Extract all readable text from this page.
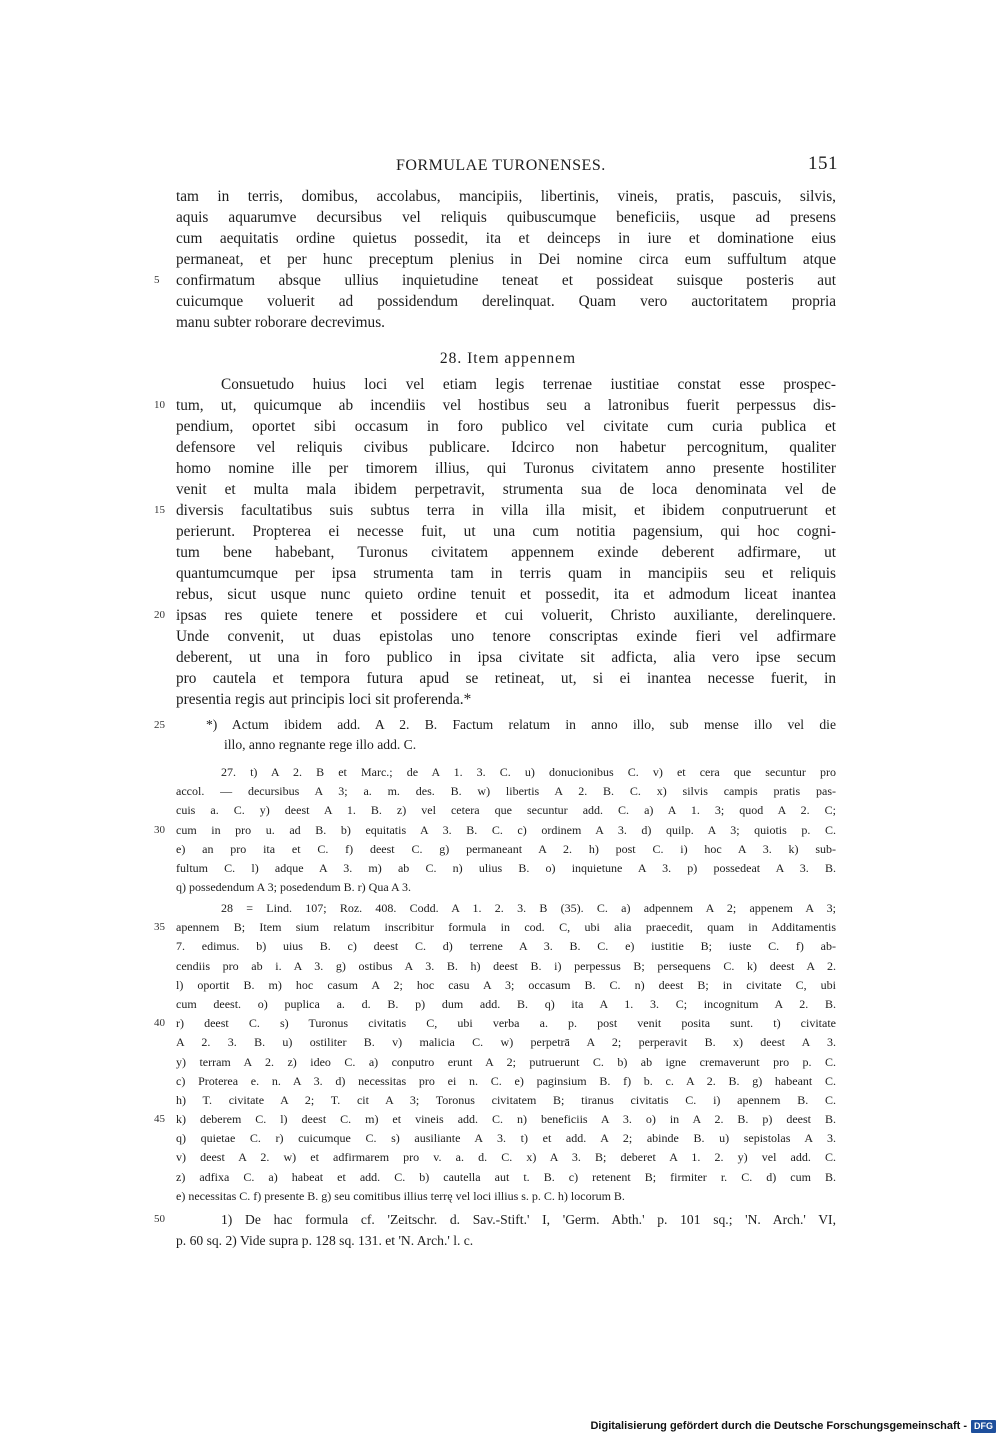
FORMULAE TURONENSES.	151
tam in terris, domibus, accolabus, mancipiis, libertinis, vineis, pratis, pascuis, silvis,
aquis aquarumve decursibus vel reliquis quibuscumque beneficiis, usque ad presens
cum aequitatis ordine quietus possedit, ita et deinceps in iure et dominatione eius
permaneat, et per hunc preceptum plenius in Dei nomine circa eum suffultum atque
5	confirmatum absque ullius inquietudine teneat et possideat suisque posteris aut
cuicumque voluerit ad possidendum derelinquat. Quam vero auctoritatem propria
manu subter roborare decrevimus.
28. Item appennem
Consuetudo huius loci vel etiam legis terrenae iustitiae constat esse prospec-
10 tum, ut, quicumque ab incendiis vel hostibus seu a latronibus fuerit perpessus dis-
pendium, oportet sibi occasum in foro publico vel civitate cum curia publica et
defensore vel reliquis civibus publicare. Idcirco non habetur percognitum, qualiter
homo nomine ille per timorem illius, qui Turonus civitatem anno presente hostiliter
venit et multa mala ibidem perpetravit, strumenta sua de loca denominata vel de
15 diversis facultatibus suis subtus terra in villa illa misit, et ibidem conputruerunt et
perierunt. Propterea ei necesse fuit, ut una cum notitia pagensium, qui hoc cogni-
tum bene habebant, Turonus civitatem appennem exinde deberent adfirmare, ut
quantumcumque per ipsa strumenta tam in terris quam in mancipiis seu et reliquis
rebus, sicut usque nunc quieto ordine tenuit et possedit, ita et admodum liceat inantea
20 ipsas res quiete tenere et possidere et cui voluerit, Christo auxiliante, derelinquere.
Unde convenit, ut duas epistolas uno tenore conscriptas exinde fieri vel adfirmare
deberent, ut una in foro publico in ipsa civitate sit adficta, alia vero ipse secum
pro cautela et tempora futura apud se retineat, ut, si ei inantea necesse fuerit, in
presentia regis aut principis loci sit proferenda.*
25	*) Actum ibidem add. A 2. B. Factum relatum in anno illo, sub mense illo vel die
illo, anno regnante rege illo add. C.
27. t) A 2. B et Marc.; de A 1. 3. C. u) donucionibus C. v) et cera que secuntur pro
accol. — decursibus A 3; a. m. des. B. w) libertis A 2. B. C. x) silvis campis pratis pas-
cuis a. C. y) deest A 1. B. z) vel cetera que secuntur add. C. a) A 1. 3; quod A 2. C;
30 cum in pro u. ad B. b) equitatis A 3. B. C. c) ordinem A 3. d) quilp. A 3; quiotis p. C.
e) an pro ita et C. f) deest C. g) permaneant A 2. h) post C. i) hoc A 3. k) sub-
fultum C. l) adque A 3. m) ab C. n) ulius B. o) inquietune A 3. p) possedeat A 3. B.
q) possedendum A 3; posedendum B. r) Qua A 3.
28 = Lind. 107; Roz. 408. Codd. A 1. 2. 3. B (35). C. a) adpennem A 2; appenem A 3;
35 apennem B; Item sium relatum inscribitur formula in cod. C, ubi alia praecedit, quam in Additamentis
7. edimus. b) uius B. c) deest C. d) terrene A 3. B. C. e) iustitie B; iuste C. f) ab-
cendiis pro ab i. A 3. g) ostibus A 3. B. h) deest B. i) perpessus B; persequens C. k) deest A 2.
l) oportit B. m) hoc casum A 2; hoc casu A 3; occasum B. C. n) deest B; in civitate C, ubi
cum deest. o) puplica a. d. B. p) dum add. B. q) ita A 1. 3. C; incognitum A 2. B.
40 r) deest C. s) Turonus civitatis C, ubi verba a. p. post venit posita sunt. t) civitate
A 2. 3. B. u) ostiliter B. v) malicia C. w) perpetrā A 2; perperavit B. x) deest A 3.
y) terram A 2. z) ideo C. a) conputro erunt A 2; putruerunt C. b) ab igne cremaverunt pro p. C.
c) Proterea e. n. A 3. d) necessitas pro ei n. C. e) paginsium B. f) b. c. A 2. B. g) habeant C.
h) T. civitate A 2; T. cit A 3; Toronus civitatem B; tiranus civitatis C. i) apennem B. C.
45 k) deberem C. l) deest C. m) et vineis add. C. n) beneficiis A 3. o) in A 2. B. p) deest B.
q) quietae C. r) cuicumque C. s) ausiliante A 3. t) et add. A 2; abinde B. u) sepistolas A 3.
v) deest A 2. w) et adfirmarem pro v. a. d. C. x) A 3. B; deberet A 1. 2. y) vel add. C.
z) adfixa C. a) habeat et add. C. b) cautella aut t. B. c) retenent B; firmiter r. C. d) cum B.
e) necessitas C. f) presente B. g) seu comitibus illius terrę vel loci illius s. p. C. h) locorum B.
50	1) De hac formula cf. 'Zeitschr. d. Sav.-Stift.' I, 'Germ. Abth.' p. 101 sq.; 'N. Arch.' VI,
p. 60 sq. 2) Vide supra p. 128 sq. 131. et 'N. Arch.' l. c.
Digitalisierung gefördert durch die Deutsche Forschungsgemeinschaft - DFG
